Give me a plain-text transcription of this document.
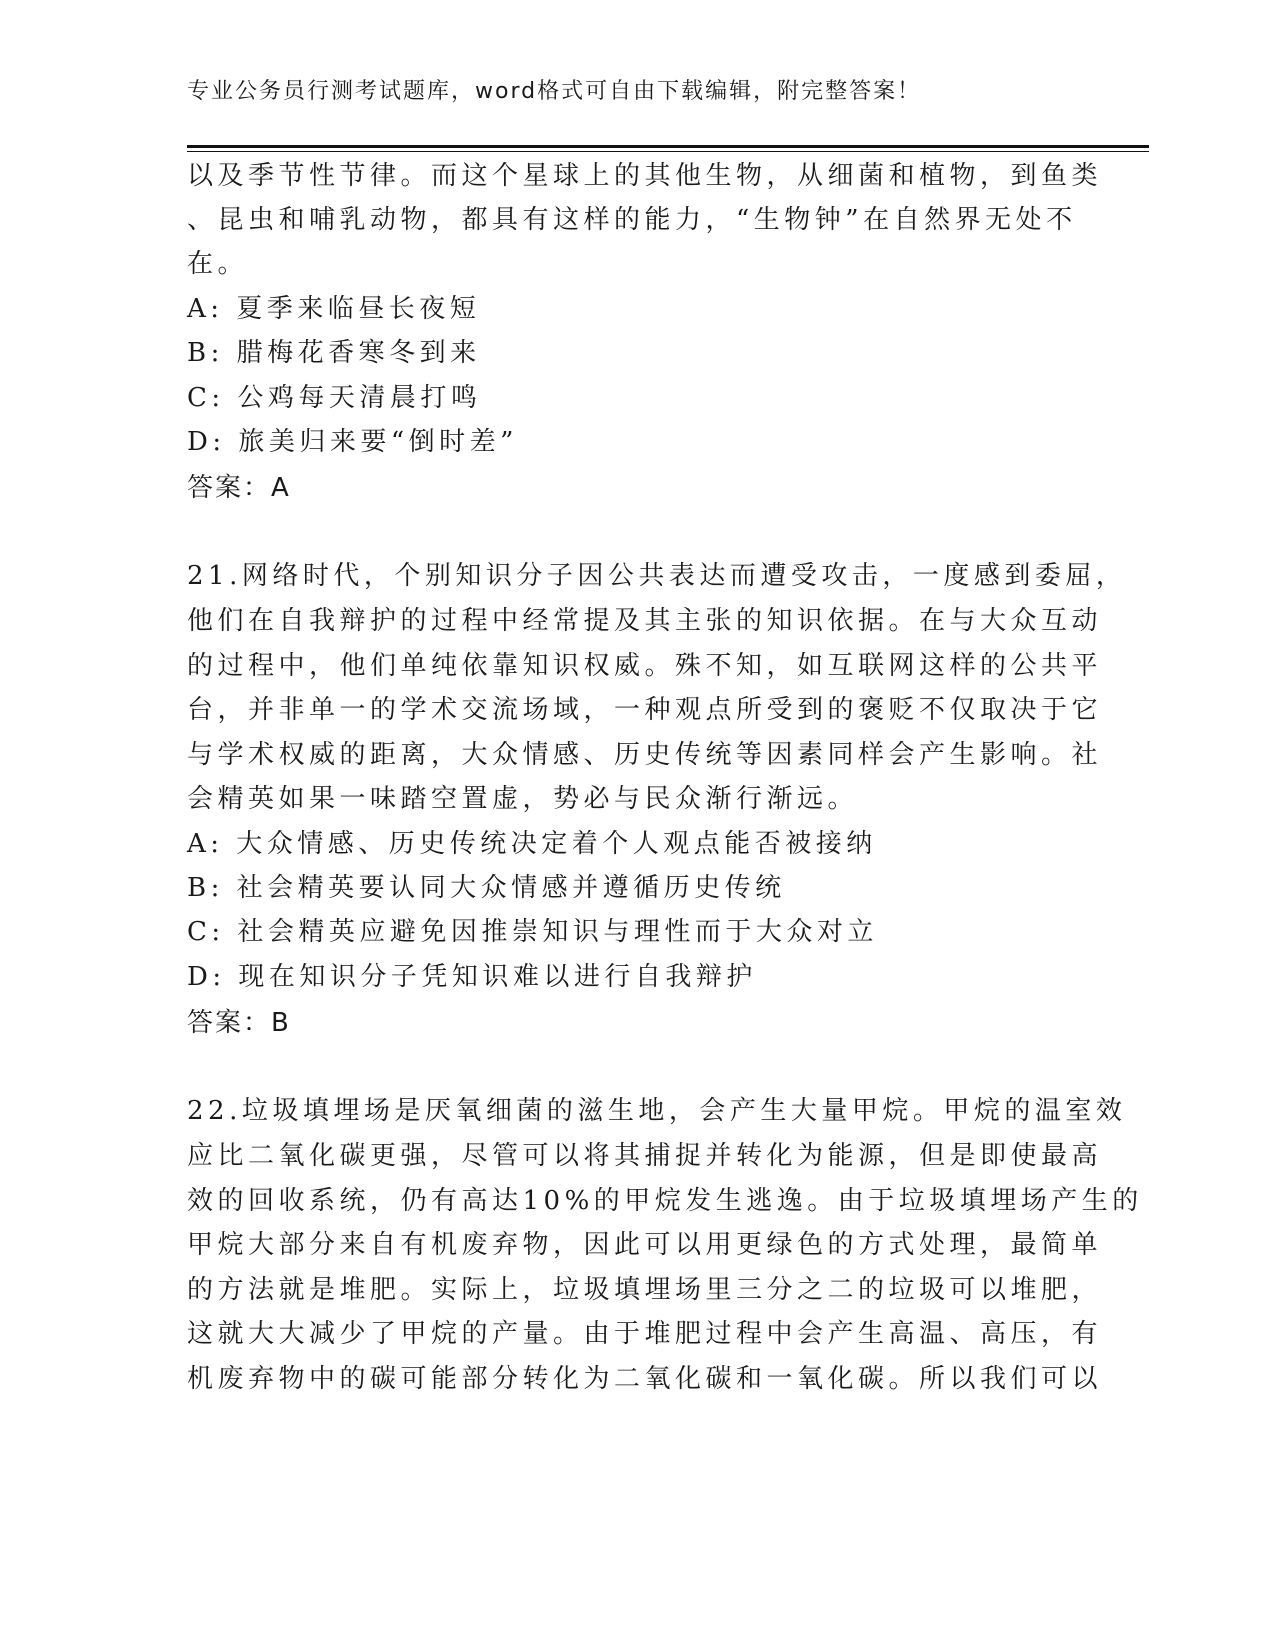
专业公务员行测考试题库，word格式可自由下载编辑，附完整答案！
以及季节性节律。而这个星球上的其他生物，从细菌和植物，到鱼类
、昆虫和哺乳动物，都具有这样的能力，“生物钟”在自然界无处不
在。
A: 夏季来临昼长夜短
B: 腊梅花香寒冬到来
C: 公鸡每天清晨打鸣
D: 旅美归来要“倒时差”
答案：A
21.网络时代，个别知识分子因公共表达而遭受攻击，一度感到委屈，
他们在自我辩护的过程中经常提及其主张的知识依据。在与大众互动
的过程中，他们单纯依靠知识权威。殊不知，如互联网这样的公共平
台，并非单一的学术交流场域，一种观点所受到的褒贬不仅取决于它
与学术权威的距离，大众情感、历史传统等因素同样会产生影响。社
会精英如果一味踏空置虚，势必与民众渐行渐远。
A: 大众情感、历史传统决定着个人观点能否被接纳
B: 社会精英要认同大众情感并遵循历史传统
C: 社会精英应避免因推崇知识与理性而于大众对立
D: 现在知识分子凭知识难以进行自我辩护
答案：B
22.垃圾填埋场是厌氧细菌的滋生地，会产生大量甲烷。甲烷的温室效
应比二氧化碳更强，尽管可以将其捕捉并转化为能源，但是即使最高
效的回收系统，仍有高达10%的甲烷发生逃逸。由于垃圾填埋场产生的
甲烷大部分来自有机废弃物，因此可以用更绿色的方式处理，最简单
的方法就是堆肥。实际上，垃圾填埋场里三分之二的垃圾可以堆肥，
这就大大减少了甲烷的产量。由于堆肥过程中会产生高温、高压，有
机废弃物中的碳可能部分转化为二氧化碳和一氧化碳。所以我们可以
